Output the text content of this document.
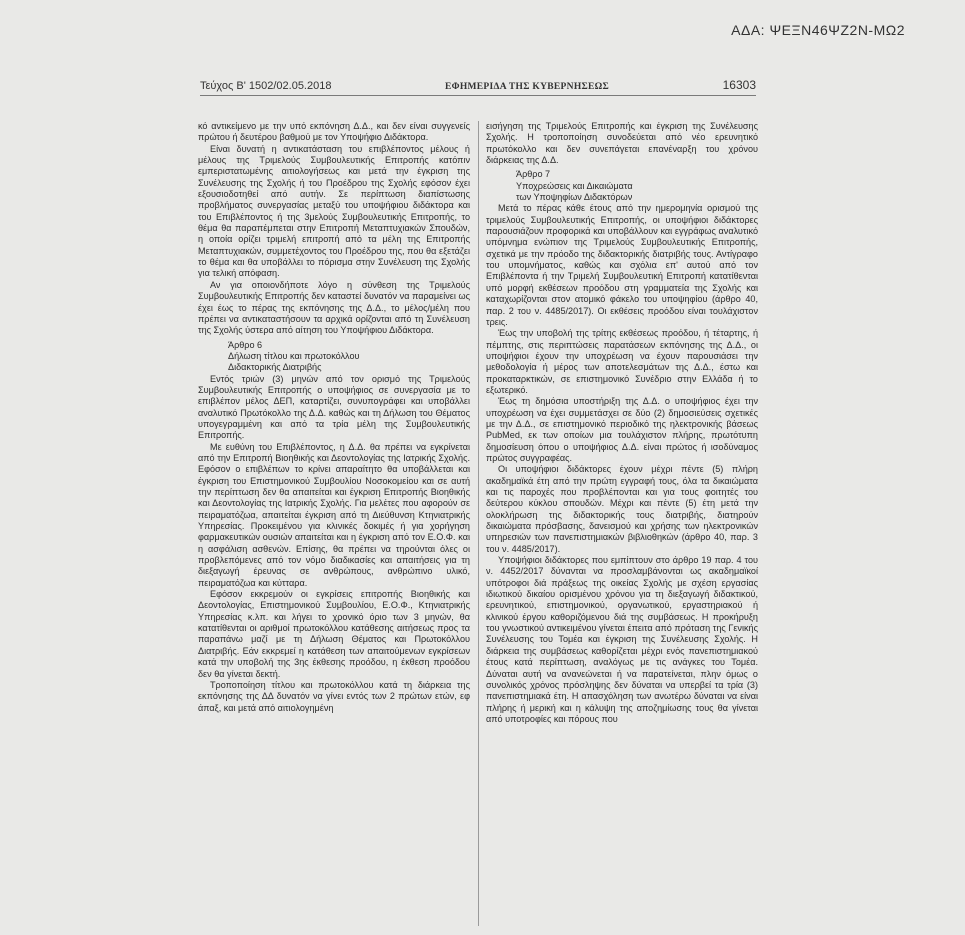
ΑΔΑ: ΨΕΞΝ46ΨΖ2Ν-ΜΩ2
Τεύχος Β' 1502/02.05.2018	ΕΦΗΜΕΡΙΔΑ ΤΗΣ ΚΥΒΕΡΝΗΣΕΩΣ	16303

κό αντικείμενο με την υπό εκπόνηση Δ.Δ., και δεν είναι συγγενείς πρώτου ή δευτέρου βαθμού με τον Υποψήφιο Διδάκτορα.

Είναι δυνατή η αντικατάσταση του επιβλέποντος μέλους ή μέλους της Τριμελούς Συμβουλευτικής Επιτροπής κατόπιν εμπεριστατωμένης αιτιολογήσεως και μετά την έγκριση της Συνέλευσης της Σχολής ή του Προέδρου της Σχολής εφόσον έχει εξουσιοδοτηθεί από αυτήν. Σε περίπτωση διαπίστωσης προβλήματος συνεργασίας μεταξύ του υποψήφιου διδάκτορα και του Επιβλέποντος ή της 3μελούς Συμβουλευτικής Επιτροπής, το θέμα θα παραπέμπεται στην Επιτροπή Μεταπτυχιακών Σπουδών, η οποία ορίζει τριμελή επιτροπή από τα μέλη της Επιτροπής Μεταπτυχιακών, συμμετέχοντος του Προέδρου της, που θα εξετάζει το θέμα και θα υποβάλλει το πόρισμα στην Συνέλευση της Σχολής για τελική απόφαση.

Αν για οποιονδήποτε λόγο η σύνθεση της Τριμελούς Συμβουλευτικής Επιτροπής δεν καταστεί δυνατόν να παραμείνει ως έχει έως το πέρας της εκπόνησης της Δ.Δ., το μέλος/μέλη που πρέπει να αντικαταστήσουν τα αρχικά ορίζονται από τη Συνέλευση της Σχολής ύστερα από αίτηση του Υποψήφιου Διδάκτορα.

Άρθρο 6

Δήλωση τίτλου και πρωτοκόλλου

Διδακτορικής Διατριβής

Εντός τριών (3) μηνών από τον ορισμό της Τριμελούς Συμβουλευτικής Επιτροπής ο υποψήφιος σε συνεργασία με το επιβλέπον μέλος ΔΕΠ, καταρτίζει, συνυπογράφει και υποβάλλει αναλυτικό Πρωτόκολλο της Δ.Δ. καθώς και τη Δήλωση του Θέματος υπογεγραμμένη και από τα τρία μέλη της Συμβουλευτικής Επιτροπής.

Με ευθύνη του Επιβλέποντος, η Δ.Δ. θα πρέπει να εγκρίνεται από την Επιτροπή Βιοηθικής και Δεοντολογίας της Ιατρικής Σχολής. Εφόσον ο επιβλέπων το κρίνει απαραίτητο θα υποβάλλεται και έγκριση του Επιστημονικού Συμβουλίου Νοσοκομείου και σε αυτή την περίπτωση δεν θα απαιτείται και έγκριση Επιτροπής Βιοηθικής και Δεοντολογίας της Ιατρικής Σχολής. Για μελέτες που αφορούν σε πειραματόζωα, απαιτείται έγκριση από τη Διεύθυνση Κτηνιατρικής Υπηρεσίας. Προκειμένου για κλινικές δοκιμές ή για χορήγηση φαρμακευτικών ουσιών απαιτείται και η έγκριση από τον Ε.Ο.Φ. και η ασφάλιση ασθενών. Επίσης, θα πρέπει να τηρούνται όλες οι προβλεπόμενες από τον νόμο διαδικασίες και απαιτήσεις για τη διεξαγωγή έρευνας σε ανθρώπους, ανθρώπινο υλικό, πειραματόζωα και κύτταρα.

Εφόσον εκκρεμούν οι εγκρίσεις επιτροπής Βιοηθικής και Δεοντολογίας, Επιστημονικού Συμβουλίου, Ε.Ο.Φ., Κτηνιατρικής Υπηρεσίας κ.λπ. και λήγει το χρονικό όριο των 3 μηνών, θα κατατίθενται οι αριθμοί πρωτοκόλλου κατάθεσης αιτήσεως προς τα παραπάνω μαζί με τη Δήλωση Θέματος και Πρωτοκόλλου Διατριβής. Εάν εκκρεμεί η κατάθεση των απαιτούμενων εγκρίσεων κατά την υποβολή της 3ης έκθεσης προόδου, η έκθεση προόδου δεν θα γίνεται δεκτή.

Τροποποίηση τίτλου και πρωτοκόλλου κατά τη διάρκεια της εκπόνησης της ΔΔ δυνατόν να γίνει εντός των 2 πρώτων ετών, εφ άπαξ, και μετά από αιτιολογημένη

εισήγηση της Τριμελούς Επιτροπής και έγκριση της Συνέλευσης Σχολής. Η τροποποίηση συνοδεύεται από νέο ερευνητικό πρωτόκολλο και δεν συνεπάγεται επανέναρξη του χρόνου διάρκειας της Δ.Δ.

Άρθρο 7

Υποχρεώσεις και Δικαιώματα

των Υποψηφίων Διδακτόρων

Μετά το πέρας κάθε έτους από την ημερομηνία ορισμού της τριμελούς Συμβουλευτικής Επιτροπής, οι υποψήφιοι διδάκτορες παρουσιάζουν προφορικά και υποβάλλουν και εγγράφως αναλυτικό υπόμνημα ενώπιον της Τριμελούς Συμβουλευτικής Επιτροπής, σχετικά με την πρόοδο της διδακτορικής διατριβής τους. Αντίγραφο του υπομνήματος, καθώς και σχόλια επ' αυτού από τον Επιβλέποντα ή την Τριμελή Συμβουλευτική Επιτροπή κατατίθενται υπό μορφή εκθέσεων προόδου στη γραμματεία της Σχολής και καταχωρίζονται στον ατομικό φάκελο του υποψηφίου (άρθρο 40, παρ. 2 του ν. 4485/2017). Οι εκθέσεις προόδου είναι τουλάχιστον τρεις.

Έως την υποβολή της τρίτης εκθέσεως προόδου, ή τέταρτης, ή πέμπτης, στις περιπτώσεις παρατάσεων εκπόνησης της Δ.Δ., οι υποψήφιοι έχουν την υποχρέωση να έχουν παρουσιάσει την μεθοδολογία ή μέρος των αποτελεσμάτων της Δ.Δ., έστω και προκαταρκτικών, σε επιστημονικό Συνέδριο στην Ελλάδα ή το εξωτερικό.

Έως τη δημόσια υποστήριξη της Δ.Δ. ο υποψήφιος έχει την υποχρέωση να έχει συμμετάσχει σε δύο (2) δημοσιεύσεις σχετικές με την Δ.Δ., σε επιστημονικό περιοδικό της ηλεκτρονικής βάσεως PubMed, εκ των οποίων μια τουλάχιστον πλήρης, πρωτότυπη δημοσίευση όπου ο υποψήφιος Δ.Δ. είναι πρώτος ή ισοδύναμος πρώτος συγγραφέας.

Οι υποψήφιοι διδάκτορες έχουν μέχρι πέντε (5) πλήρη ακαδημαϊκά έτη από την πρώτη εγγραφή τους, όλα τα δικαιώματα και τις παροχές που προβλέπονται και για τους φοιτητές του δεύτερου κύκλου σπουδών. Μέχρι και πέντε (5) έτη μετά την ολοκλήρωση της διδακτορικής τους διατριβής, διατηρούν δικαιώματα πρόσβασης, δανεισμού και χρήσης των ηλεκτρονικών υπηρεσιών των πανεπιστημιακών βιβλιοθηκών (άρθρο 40, παρ. 3 του ν. 4485/2017).

Υποψήφιοι διδάκτορες που εμπίπτουν στο άρθρο 19 παρ. 4 του ν. 4452/2017 δύνανται να προσλαμβάνονται ως ακαδημαϊκοί υπότροφοι διά πράξεως της οικείας Σχολής με σχέση εργασίας ιδιωτικού δικαίου ορισμένου χρόνου για τη διεξαγωγή διδακτικού, ερευνητικού, επιστημονικού, οργανωτικού, εργαστηριακού ή κλινικού έργου καθοριζόμενου διά της συμβάσεως. Η προκήρυξη του γνωστικού αντικειμένου γίνεται έπειτα από πρόταση της Γενικής Συνέλευσης του Τομέα και έγκριση της Συνέλευσης Σχολής. Η διάρκεια της συμβάσεως καθορίζεται μέχρι ενός πανεπιστημιακού έτους κατά περίπτωση, αναλόγως με τις ανάγκες του Τομέα. Δύναται αυτή να ανανεώνεται ή να παρατείνεται, πλην όμως ο συνολικός χρόνος πρόσληψης δεν δύναται να υπερβεί τα τρία (3) πανεπιστημιακά έτη. Η απασχόληση των ανωτέρω δύναται να είναι πλήρης ή μερική και η κάλυψη της αποζημίωσης τους θα γίνεται από υποτροφίες και πόρους που
